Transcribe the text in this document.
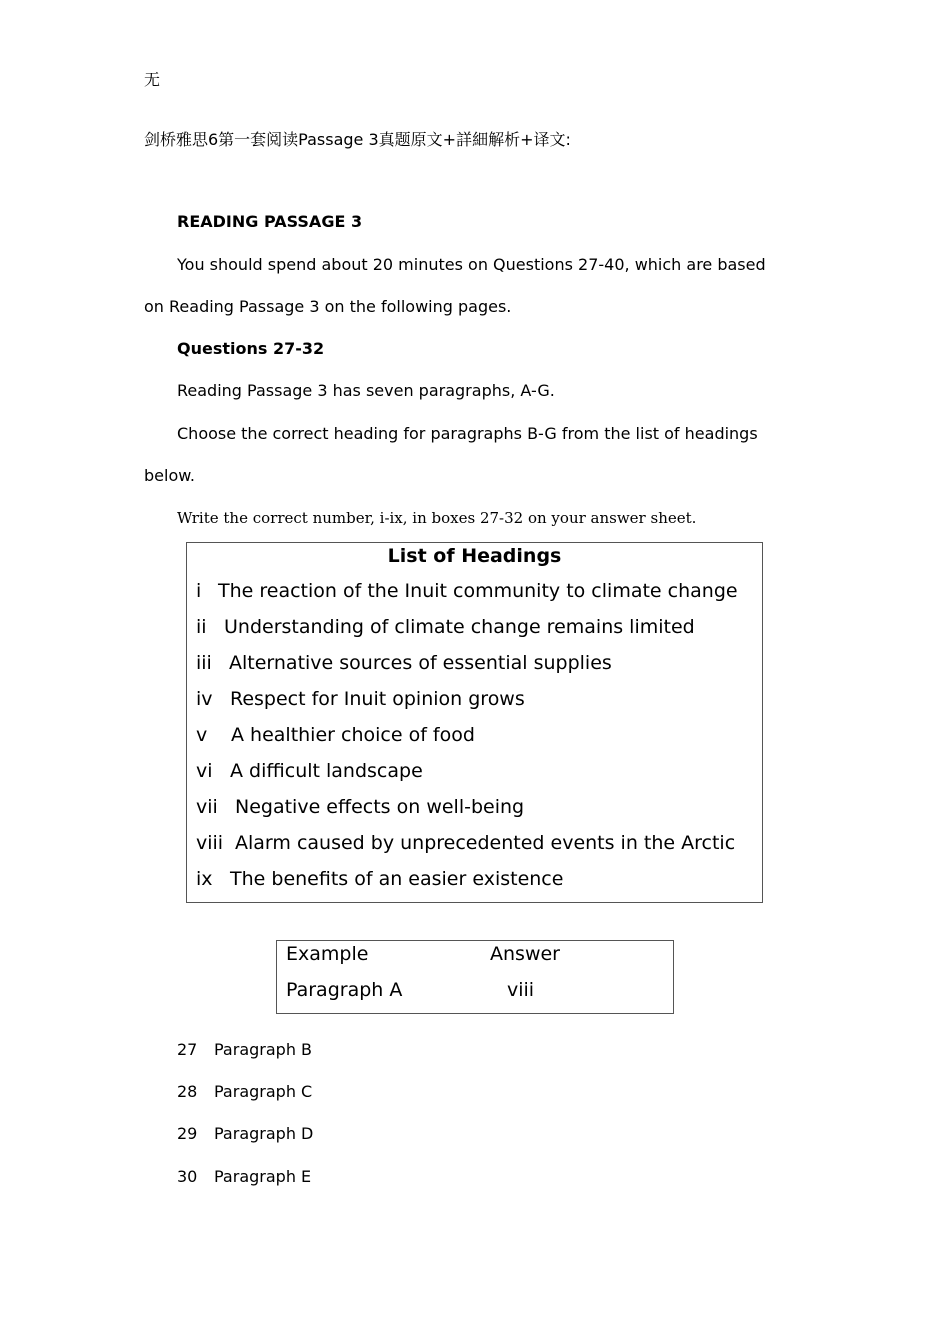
无
剑桥雅思6第一套阅读Passage 3真题原文+詳細解析+译文:
READING PASSAGE 3
You should spend about 20 minutes on Questions 27-40, which are based
on Reading Passage 3 on the following pages.
Questions 27-32
Reading Passage 3 has seven paragraphs, A-G.
Choose the correct heading for paragraphs B-G from the list of headings
below.
Write the correct number, i-ix, in boxes 27-32 on your answer sheet.
List of Headings
i The reaction of the Inuit community to climate change
ii Understanding of climate change remains limited
iii Alternative sources of essential supplies
iv Respect for Inuit opinion grows
v A healthier choice of food
vi A difficult landscape
vii Negative effects on well-being
viii Alarm caused by unprecedented events in the Arctic
ix The benefits of an easier existence
Example	Answer
Paragraph A	viii
27 Paragraph B
28 Paragraph C
29 Paragraph D
30 Paragraph E
